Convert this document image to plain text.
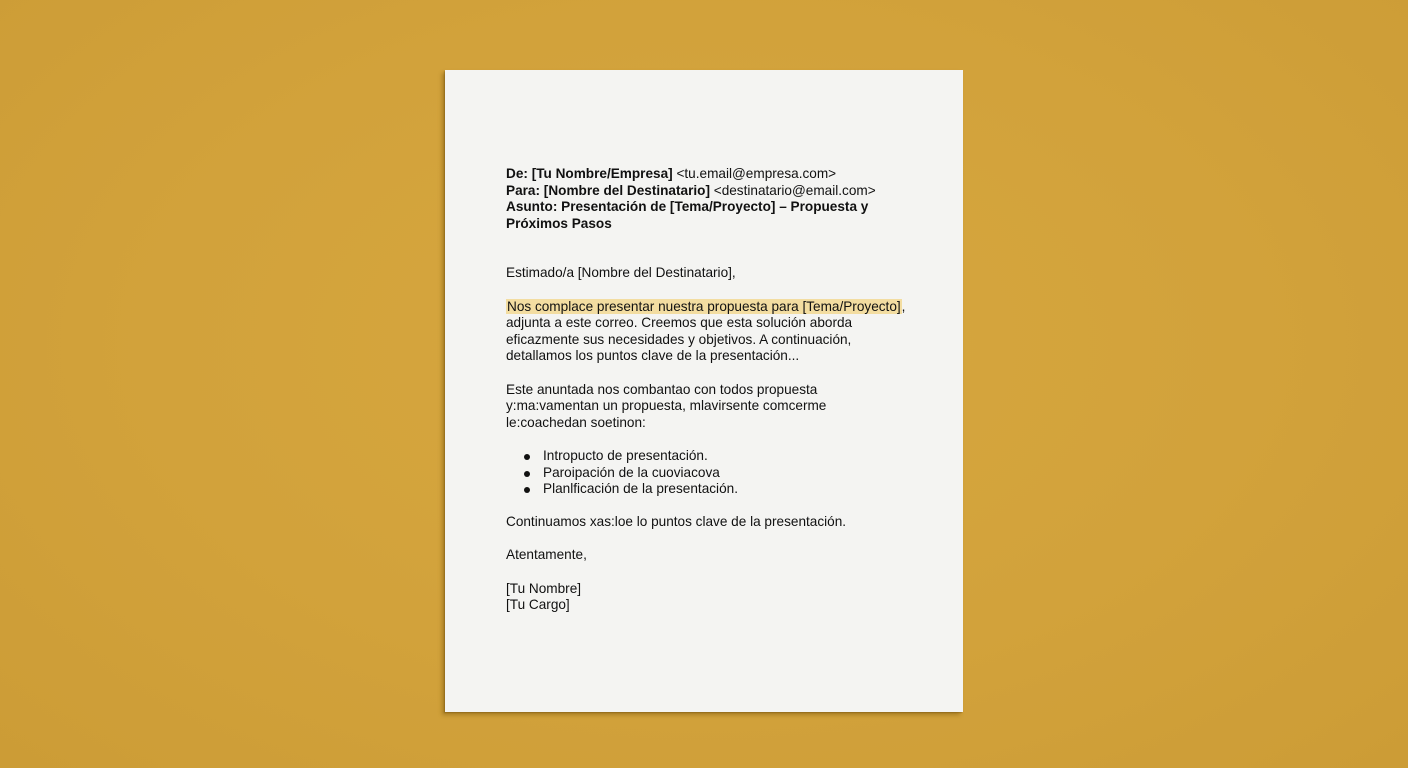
De: [Tu Nombre/Empresa] <tu.email@empresa.com>

Para: [Nombre del Destinatario] <destinatario@email.com>

Asunto: Presentación de [Tema/Proyecto] – Propuesta y Próximos Pasos

Estimado/a [Nombre del Destinatario],

Nos complace presentar nuestra propuesta para [Tema/Proyecto], adjunta a este correo. Creemos que esta solución aborda eficazmente sus necesidades y objetivos. A continuación, detallamos los puntos clave de la presentación...

Este anuntada nos combantao con todos propuesta y:ma:vamentan un propuesta, mlavirsente comcerme le:coachedan soetinon:

Intropucto de presentación.
Paroipación de la cuoviacova
Planlficación de la presentación.

Continuamos xas:loe lo puntos clave de la presentación.

Atentamente,

[Tu Nombre]

[Tu Cargo]
